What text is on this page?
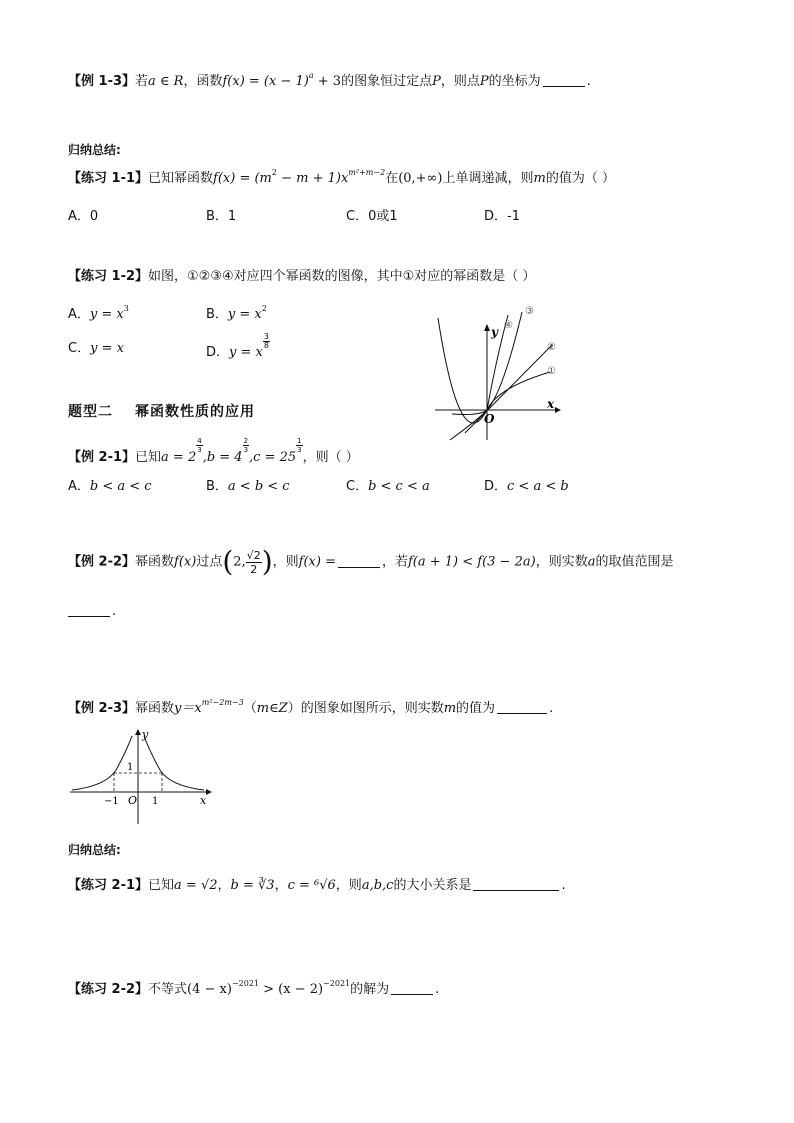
【例 1-3】若a ∈ R，函数$f(x) = (x - 1)^a + 3$的图象恒过定点P，则点P的坐标为	.
归纳总结:
【练习 1-1】已知幂函数$f(x) = (m^2 - m + 1)x^{m^2+m-2}$在(0,+∞)上单调递减，则m的值为（ ）
A．0	B．1	C．0或1	D．-1
【练习 1-2】如图，①②③④对应四个幂函数的图像，其中①对应的幂函数是（ ）
A．$y = x^3$	B．$y = x^2$
C．y = x	D．y = x
$\frac{3}{8}$
④
③
②
①
x
y
O
题型二 幂函数性质的应用
【例 2-1】已知a = 2
$\frac{4}{3}$
,b = 4
$\frac{2}{3}$
,c = 25
$\frac{1}{3}$
，则（ ）
A．b < a < c	B．a < b < c	C．b < c < a	D．c < a < b
【例 2-2】幂函数f(x)过点(2, $\frac{√2}{2}$ )，则f(x) =	，若f(a + 1) < f(3 − 2a)，则实数a的取值范围是
.
【例 2-3】幂函数$y=x^{m^2-2m-3}(m\in Z)$的图象如图所示，则实数m的值为	.
y
x
1
−1 O 1
归纳总结:
【练习 2-1】已知a = √2，b = ∛3，c = ⁶√6，则a,b,c的大小关系是	.
【练习 2-2】不等式$(4 - x)^{-2021} > (x - 2)^{-2021}$的解为	.
